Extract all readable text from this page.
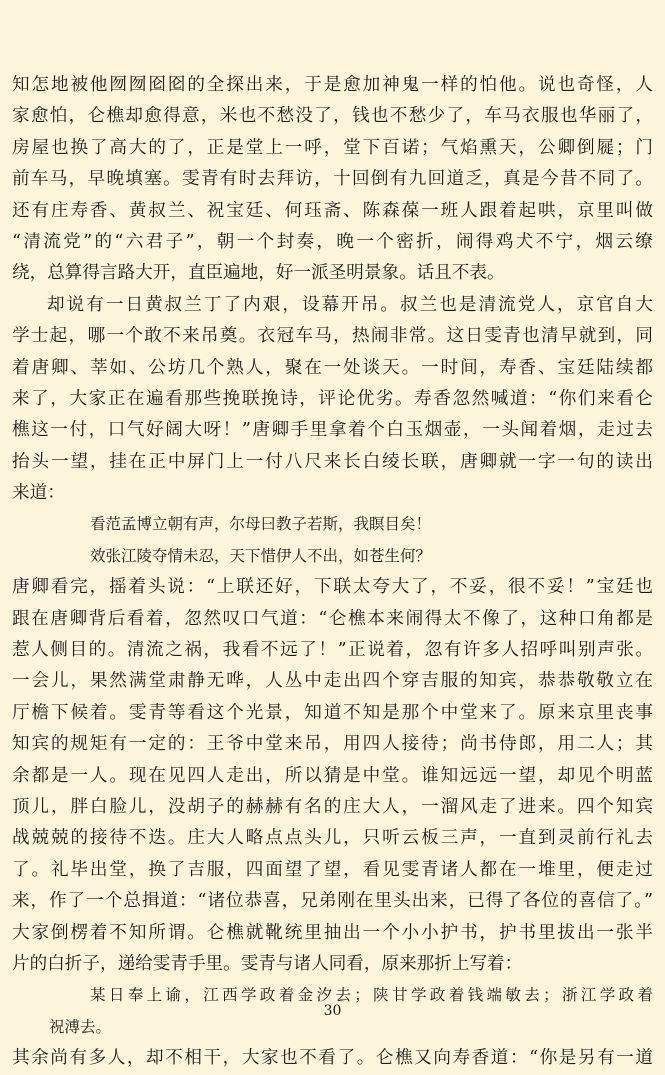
知怎地被他囫囫囵囵的全探出来，于是愈加神鬼一样的怕他。说也奇怪，人
家愈怕，仑樵却愈得意，米也不愁没了，钱也不愁少了，车马衣服也华丽了，
房屋也换了高大的了，正是堂上一呼，堂下百诺；气焰熏天，公卿倒屣；门
前车马，早晚填塞。雯青有时去拜访，十回倒有九回道乏，真是今昔不同了。
还有庄寿香、黄叔兰、祝宝廷、何珏斋、陈森葆一班人跟着起哄，京里叫做
“清流党”的“六君子”，朝一个封奏，晚一个密折，闹得鸡犬不宁，烟云缭
绕，总算得言路大开，直臣遍地，好一派圣明景象。话且不表。
却说有一日黄叔兰丁了内艰，设幕开吊。叔兰也是清流党人，京官自大
学士起，哪一个敢不来吊奠。衣冠车马，热闹非常。这日雯青也清早就到，同
着唐卿、莘如、公坊几个熟人，聚在一处谈天。一时间，寿香、宝廷陆续都
来了，大家正在遍看那些挽联挽诗，评论优劣。寿香忽然喊道：“你们来看仑
樵这一付，口气好阔大呀！”唐卿手里拿着个白玉烟壶，一头闻着烟，走过去
抬头一望，挂在正中屏门上一付八尺来长白绫长联，唐卿就一字一句的读出
来道：
看范孟博立朝有声，尔母曰教子若斯，我瞑目矣！
效张江陵夺情未忍，天下惜伊人不出，如苍生何？
唐卿看完，摇着头说：“上联还好，下联太夸大了，不妥，很不妥！”宝廷也
跟在唐卿背后看着，忽然叹口气道：“仑樵本来闹得太不像了，这种口角都是
惹人侧目的。清流之祸，我看不远了！”正说着，忽有许多人招呼叫别声张。
一会儿，果然满堂肃静无哗，人丛中走出四个穿吉服的知宾，恭恭敬敬立在
厅檐下候着。雯青等看这个光景，知道不知是那个中堂来了。原来京里丧事
知宾的规矩有一定的：王爷中堂来吊，用四人接待；尚书侍郎，用二人；其
余都是一人。现在见四人走出，所以猜是中堂。谁知远远一望，却见个明蓝
顶儿，胖白脸儿，没胡子的赫赫有名的庄大人，一溜风走了进来。四个知宾
战兢兢的接待不迭。庄大人略点点头儿，只听云板三声，一直到灵前行礼去
了。礼毕出堂，换了吉服，四面望了望，看见雯青诸人都在一堆里，便走过
来，作了一个总揖道：“诸位恭喜，兄弟刚在里头出来，已得了各位的喜信了。”
大家倒楞着不知所谓。仑樵就靴统里抽出一个小小护书，护书里拔出一张半
片的白折子，递给雯青手里。雯青与诸人同看，原来那折上写着：
某日奉上谕，江西学政着金汐去；陕甘学政着钱端敏去；浙江学政着
祝溥去。
其余尚有多人，却不相干，大家也不看了。仑樵又向寿香道：“你是另有一道
30
